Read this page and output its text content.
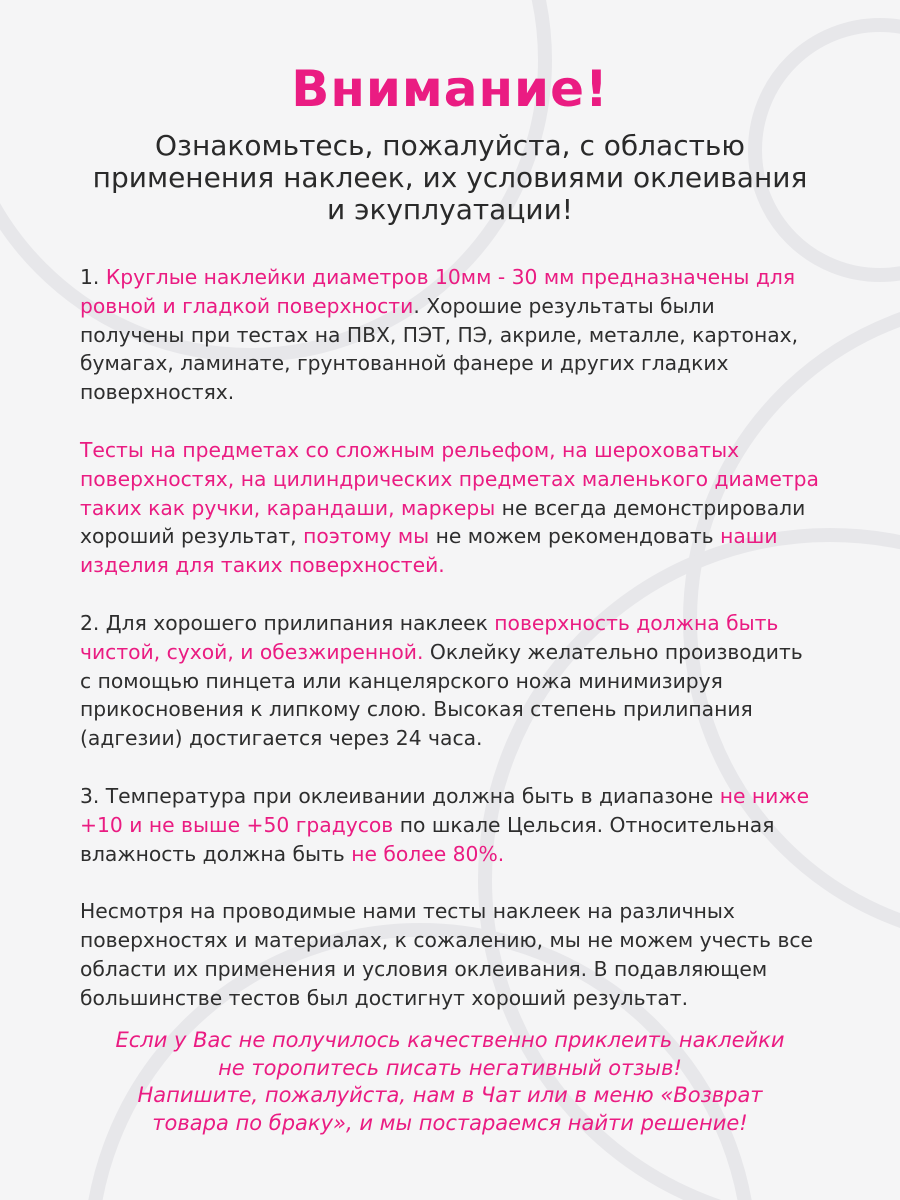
Внимание!

Ознакомьтесь, пожалуйста, с областью применения наклеек, их условиями оклеивания и экуплуатации!

1. Круглые наклейки диаметров 10мм - 30 мм предназначены для ровной и гладкой поверхности. Хорошие результаты были получены при тестах на ПВХ, ПЭТ, ПЭ, акриле, металле, картонах, бумагах, ламинате, грунтованной фанере и других гладких поверхностях.

Тесты на предметах со сложным рельефом, на шероховатых поверхностях, на цилиндрических предметах маленького диаметра таких как ручки, карандаши, маркеры не всегда демонстрировали хороший результат, поэтому мы не можем рекомендовать наши изделия для таких поверхностей.

2. Для хорошего прилипания наклеек поверхность должна быть чистой, сухой, и обезжиренной. Оклейку желательно производить с помощью пинцета или канцелярского ножа минимизируя прикосновения к липкому слою. Высокая степень прилипания (адгезии) достигается через 24 часа.

3. Температура при оклеивании должна быть в диапазоне не ниже +10 и не выше +50 градусов по шкале Цельсия. Относительная влажность должна быть не более 80%.

Несмотря на проводимые нами тесты наклеек на различных поверхностях и материалах, к сожалению, мы не можем учесть все области их применения и условия оклеивания. В подавляющем большинстве тестов был достигнут хороший результат.

Если у Вас не получилось качественно приклеить наклейки
не торопитесь писать негативный отзыв!
Напишите, пожалуйста, нам в Чат или в меню «Возврат
товара по браку», и мы постараемся найти решение!
